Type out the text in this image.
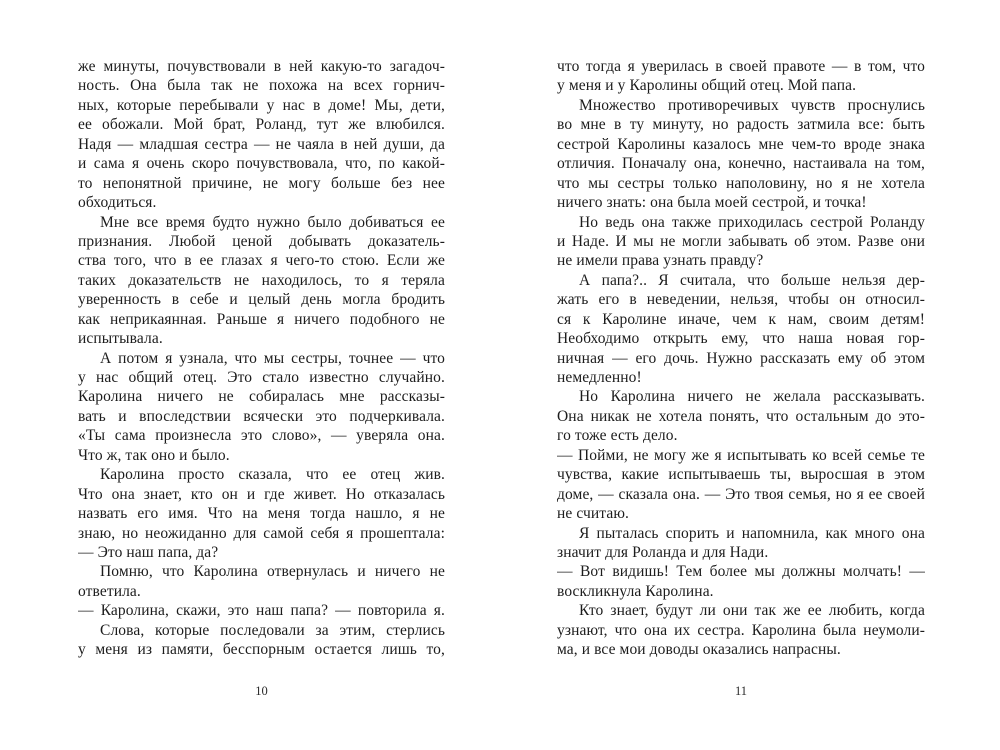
же минуты, почувствовали в ней какую-то загадоч-
ность. Она была так не похожа на всех горнич-
ных, которые перебывали у нас в доме! Мы, дети,
ее обожали. Мой брат, Роланд, тут же влюбился.
Надя — младшая сестра — не чаяла в ней души, да
и сама я очень скоро почувствовала, что, по какой-
то непонятной причине, не могу больше без нее
обходиться.
Мне все время будто нужно было добиваться ее
признания. Любой ценой добывать доказатель-
ства того, что в ее глазах я чего-то стою. Если же
таких доказательств не находилось, то я теряла
уверенность в себе и целый день могла бродить
как неприкаянная. Раньше я ничего подобного не
испытывала.
А потом я узнала, что мы сестры, точнее — что
у нас общий отец. Это стало известно случайно.
Каролина ничего не собиралась мне рассказы-
вать и впоследствии всячески это подчеркивала.
«Ты сама произнесла это слово», — уверяла она.
Что ж, так оно и было.
Каролина просто сказала, что ее отец жив.
Что она знает, кто он и где живет. Но отказалась
назвать его имя. Что на меня тогда нашло, я не
знаю, но неожиданно для самой себя я прошептала:
— Это наш папа, да?
Помню, что Каролина отвернулась и ничего не
ответила.
— Каролина, скажи, это наш папа? — повторила я.
Слова, которые последовали за этим, стерлись
у меня из памяти, бесспорным остается лишь то,
10
что тогда я уверилась в своей правоте — в том, что
у меня и у Каролины общий отец. Мой папа.
Множество противоречивых чувств проснулись
во мне в ту минуту, но радость затмила все: быть
сестрой Каролины казалось мне чем-то вроде знака
отличия. Поначалу она, конечно, настаивала на том,
что мы сестры только наполовину, но я не хотела
ничего знать: она была моей сестрой, и точка!
Но ведь она также приходилась сестрой Роланду
и Наде. И мы не могли забывать об этом. Разве они
не имели права узнать правду?
А папа?.. Я считала, что больше нельзя дер-
жать его в неведении, нельзя, чтобы он относил-
ся к Каролине иначе, чем к нам, своим детям!
Необходимо открыть ему, что наша новая гор-
ничная — его дочь. Нужно рассказать ему об этом
немедленно!
Но Каролина ничего не желала рассказывать.
Она никак не хотела понять, что остальным до это-
го тоже есть дело.
— Пойми, не могу же я испытывать ко всей семье те
чувства, какие испытываешь ты, выросшая в этом
доме, — сказала она. — Это твоя семья, но я ее своей
не считаю.
Я пыталась спорить и напомнила, как много она
значит для Роланда и для Нади.
— Вот видишь! Тем более мы должны молчать! —
воскликнула Каролина.
Кто знает, будут ли они так же ее любить, когда
узнают, что она их сестра. Каролина была неумоли-
ма, и все мои доводы оказались напрасны.
11
